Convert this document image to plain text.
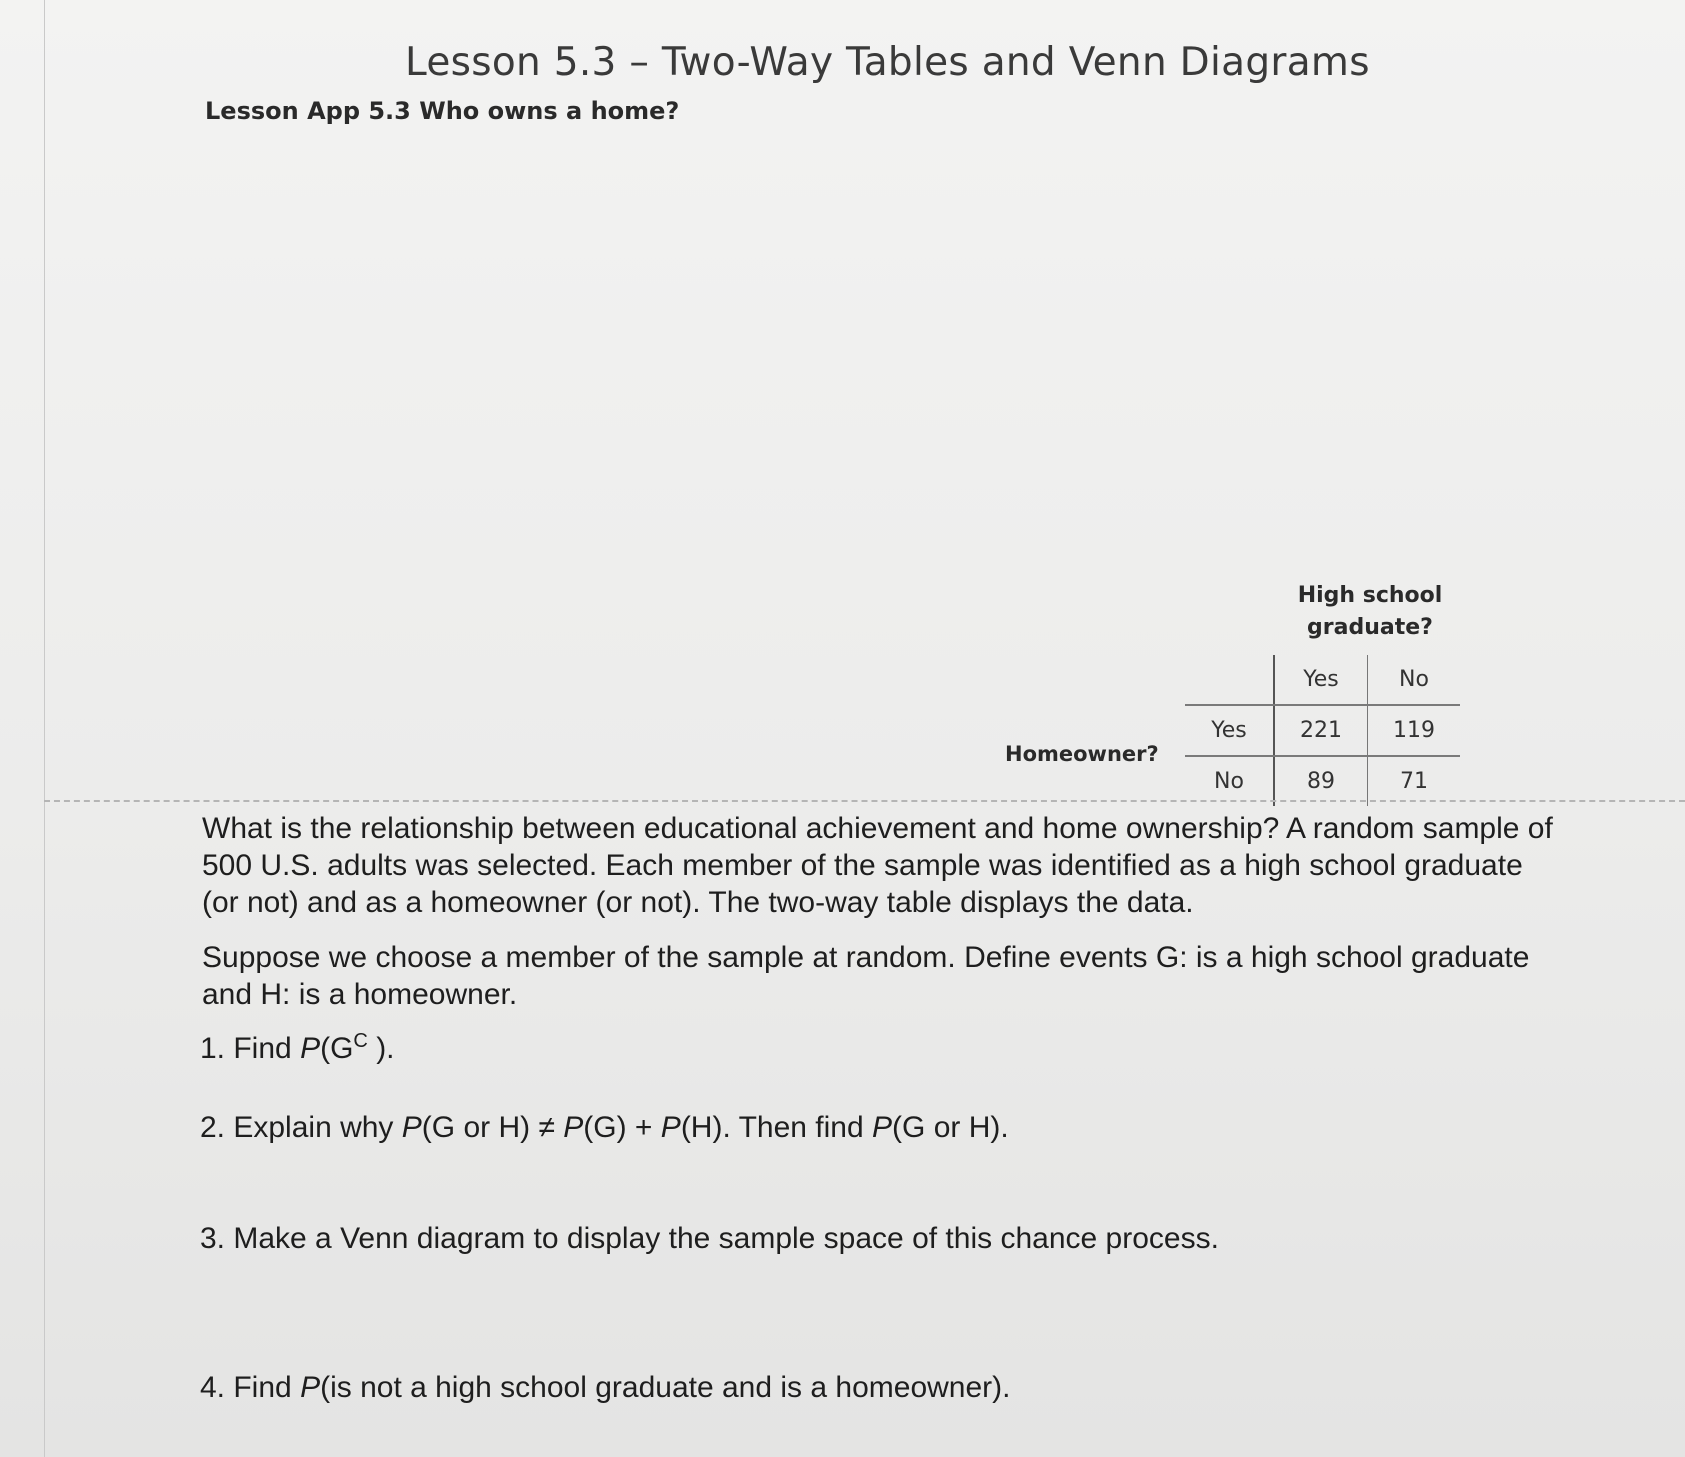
Lesson 5.3 – Two-Way Tables and Venn Diagrams
Lesson App 5.3 Who owns a home?
High school
graduate?
Homeowner?
	Yes	No
Yes	221	119
No	89	71
What is the relationship between educational achievement and home ownership? A random sample of 500 U.S. adults was selected. Each member of the sample was identified as a high school graduate (or not) and as a homeowner (or not). The two-way table displays the data.
Suppose we choose a member of the sample at random. Define events G: is a high school graduate and H: is a homeowner.
1. Find $P(G^C$ ).
2. Explain why P(G or H) ≠ P(G) + P(H). Then find P(G or H).
3. Make a Venn diagram to display the sample space of this chance process.
4. Find P(is not a high school graduate and is a homeowner).
